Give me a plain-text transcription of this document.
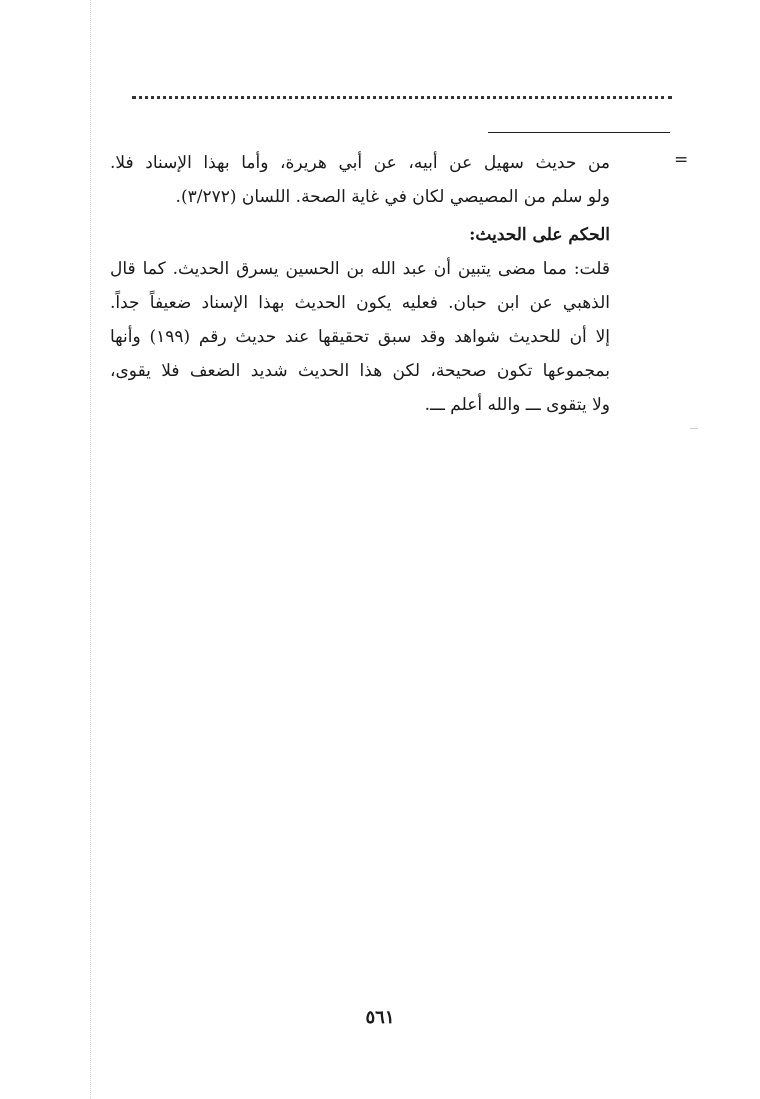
=
من حديث سهيل عن أبيه، عن أبي هريرة، وأما بهذا الإسناد فلا.
ولو سلم من المصيصي لكان في غاية الصحة. اللسان (٣/٢٧٢).
الحكم على الحديث:
قلت: مما مضى يتبين أن عبد الله بن الحسين يسرق الحديث. كما قال
الذهبي عن ابن حبان. فعليه يكون الحديث بهذا الإسناد ضعيفاً جداً.
إلا أن للحديث شواهد وقد سبق تحقيقها عند حديث رقم (١٩٩) وأنها
بمجموعها تكون صحيحة، لكن هذا الحديث شديد الضعف فلا يقوى،
ولا يتقوى ـــ والله أعلم ـــ.
٥٦١
